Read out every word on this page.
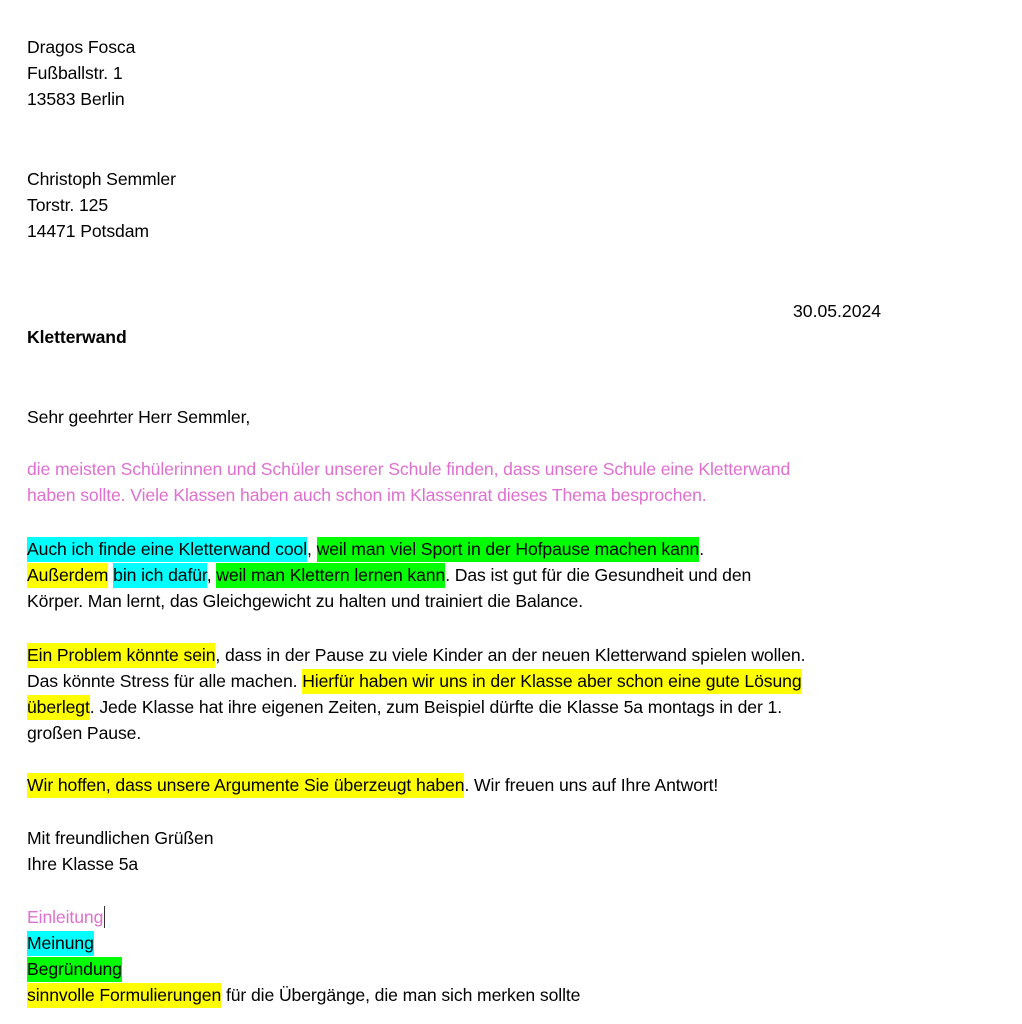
Dragos Fosca
Fußballstr. 1
13583 Berlin
Christoph Semmler
Torstr. 125
14471 Potsdam
30.05.2024
Kletterwand
Sehr geehrter Herr Semmler,
die meisten Schülerinnen und Schüler unserer Schule finden, dass unsere Schule eine Kletterwand
haben sollte. Viele Klassen haben auch schon im Klassenrat dieses Thema besprochen.
Auch ich finde eine Kletterwand cool, weil man viel Sport in der Hofpause machen kann.
Außerdem bin ich dafür, weil man Klettern lernen kann. Das ist gut für die Gesundheit und den
Körper. Man lernt, das Gleichgewicht zu halten und trainiert die Balance.
Ein Problem könnte sein, dass in der Pause zu viele Kinder an der neuen Kletterwand spielen wollen.
Das könnte Stress für alle machen. Hierfür haben wir uns in der Klasse aber schon eine gute Lösung
überlegt. Jede Klasse hat ihre eigenen Zeiten, zum Beispiel dürfte die Klasse 5a montags in der 1.
großen Pause.
Wir hoffen, dass unsere Argumente Sie überzeugt haben. Wir freuen uns auf Ihre Antwort!
Mit freundlichen Grüßen
Ihre Klasse 5a
Einleitung
Meinung
Begründung
sinnvolle Formulierungen für die Übergänge, die man sich merken sollte
